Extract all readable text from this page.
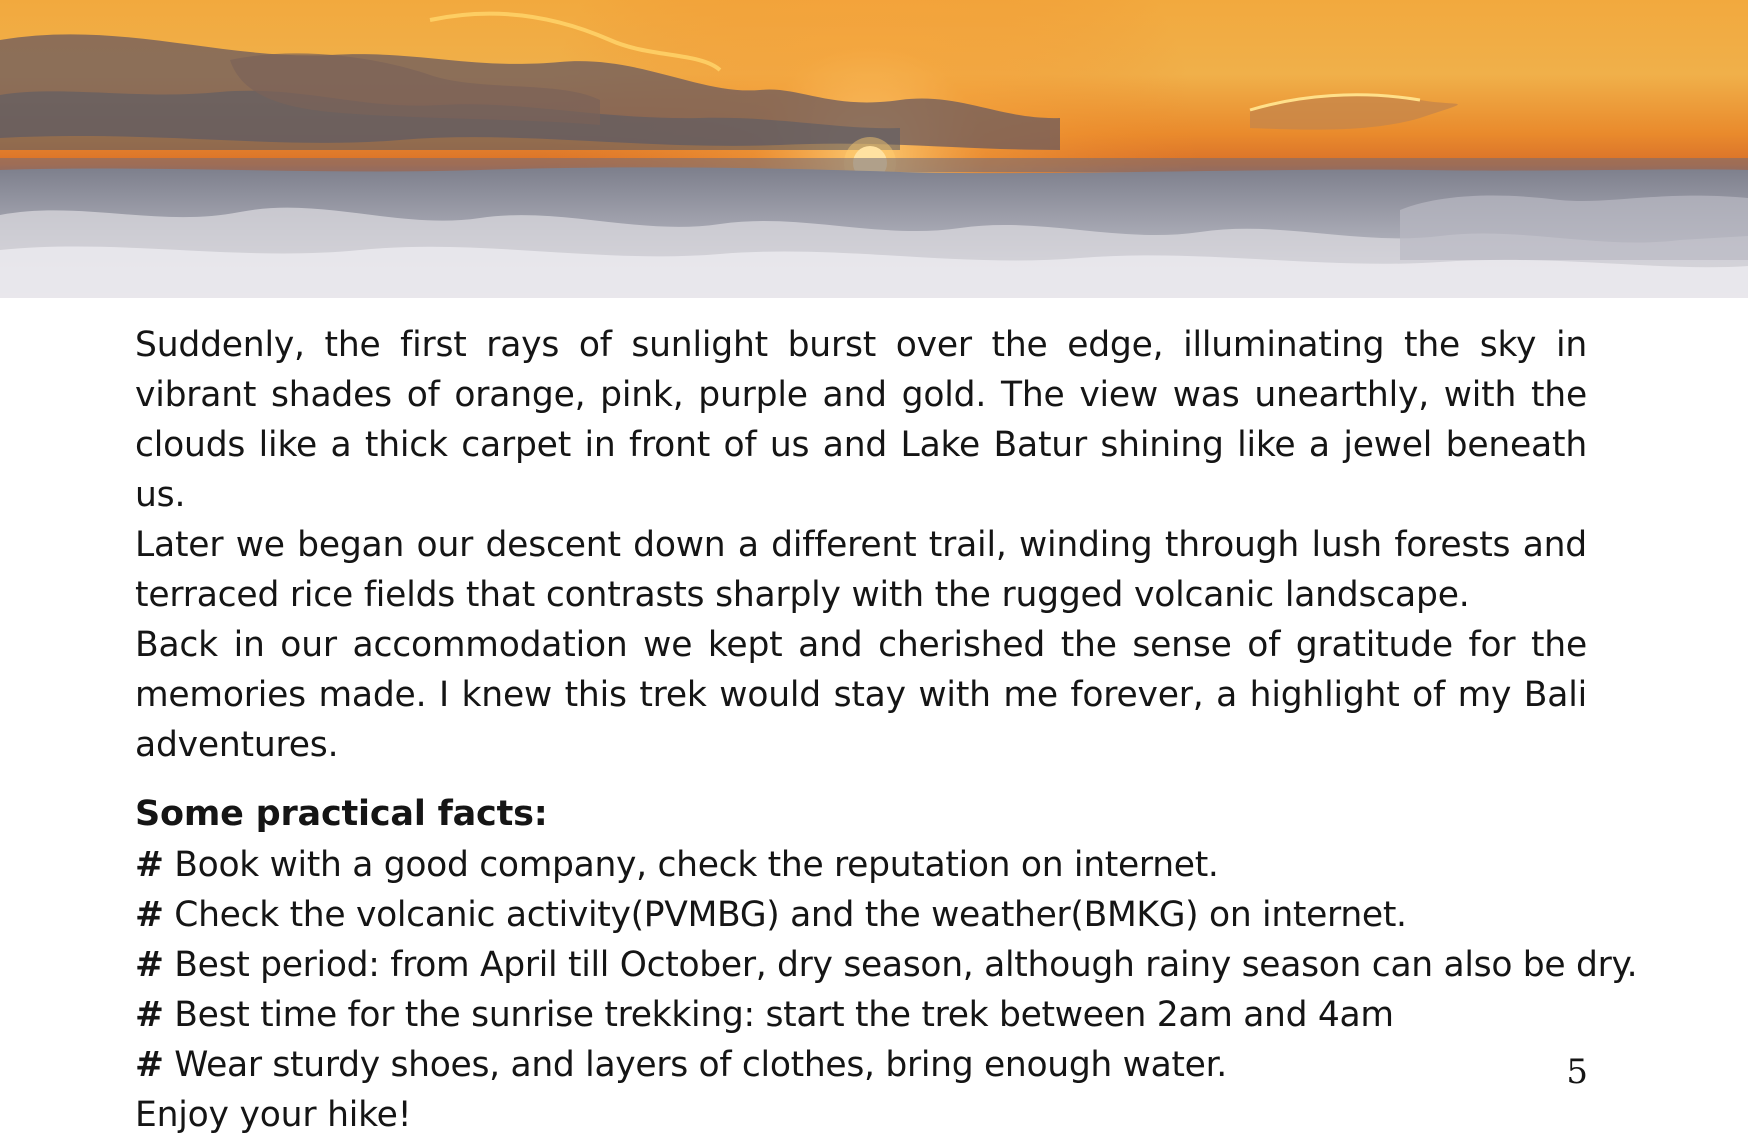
Suddenly, the first rays of sunlight burst over the edge, illuminating the sky in vibrant shades of orange, pink, purple and gold. The view was unearthly, with the clouds like a thick carpet in front of us and Lake Batur shining like a jewel beneath us.

Later we began our descent down a different trail, winding through lush forests and terraced rice fields that contrasts sharply with the rugged volcanic landscape.

Back in our accommodation we kept and cherished the sense of gratitude for the memories made. I knew this trek would stay with me forever, a highlight of my Bali adventures.

Some practical facts:

# Book with a good company, check the reputation on internet.

# Check the volcanic activity(PVMBG) and the weather(BMKG) on internet.

# Best period: from April till October, dry season, although rainy season can also be dry.

# Best time for the sunrise trekking: start the trek between 2am and 4am

# Wear sturdy shoes, and layers of clothes, bring enough water.

Enjoy your hike!

5
